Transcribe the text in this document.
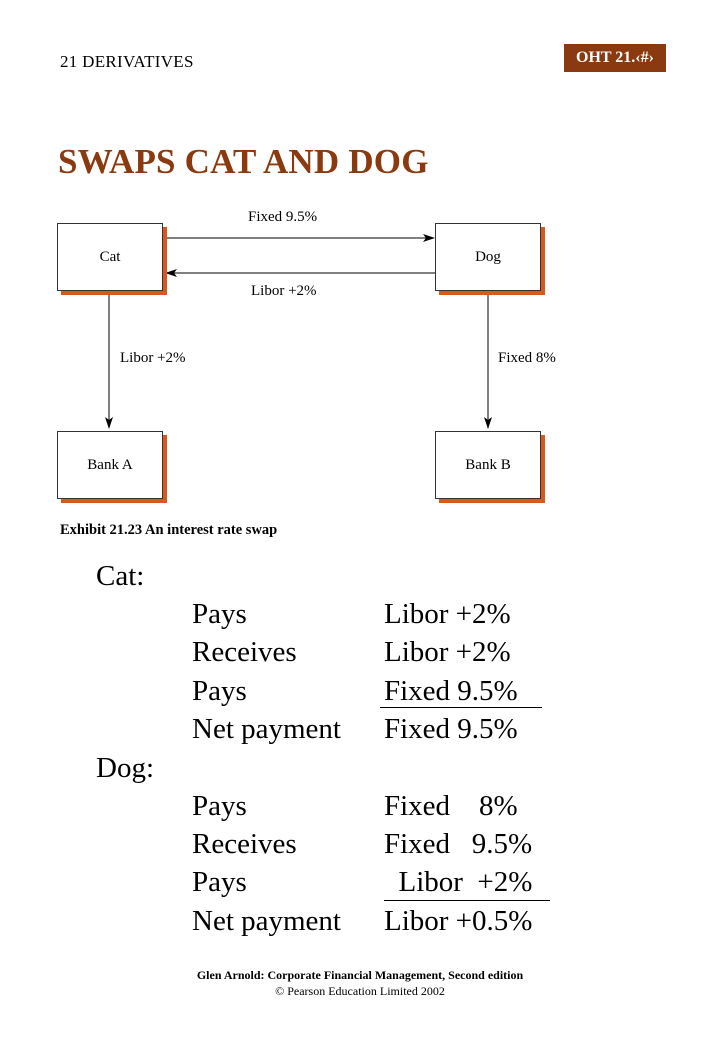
21 DERIVATIVES	OHT 21.‹#›
SWAPS CAT AND DOG
Cat	Dog
Bank A	Bank B
Fixed 9.5%
Libor +2%
Libor +2%	Fixed 8%
Exhibit 21.23 An interest rate swap
Cat:
Pays	Libor +2%
Receives	Libor +2%
Pays	Fixed 9.5%
Net payment Fixed 9.5%
Dog:
Pays	Fixed    8%
Receives	Fixed   9.5%
Pays	Libor  +2%
Net payment Libor +0.5%
Glen Arnold: Corporate Financial Management, Second edition
© Pearson Education Limited 2002
